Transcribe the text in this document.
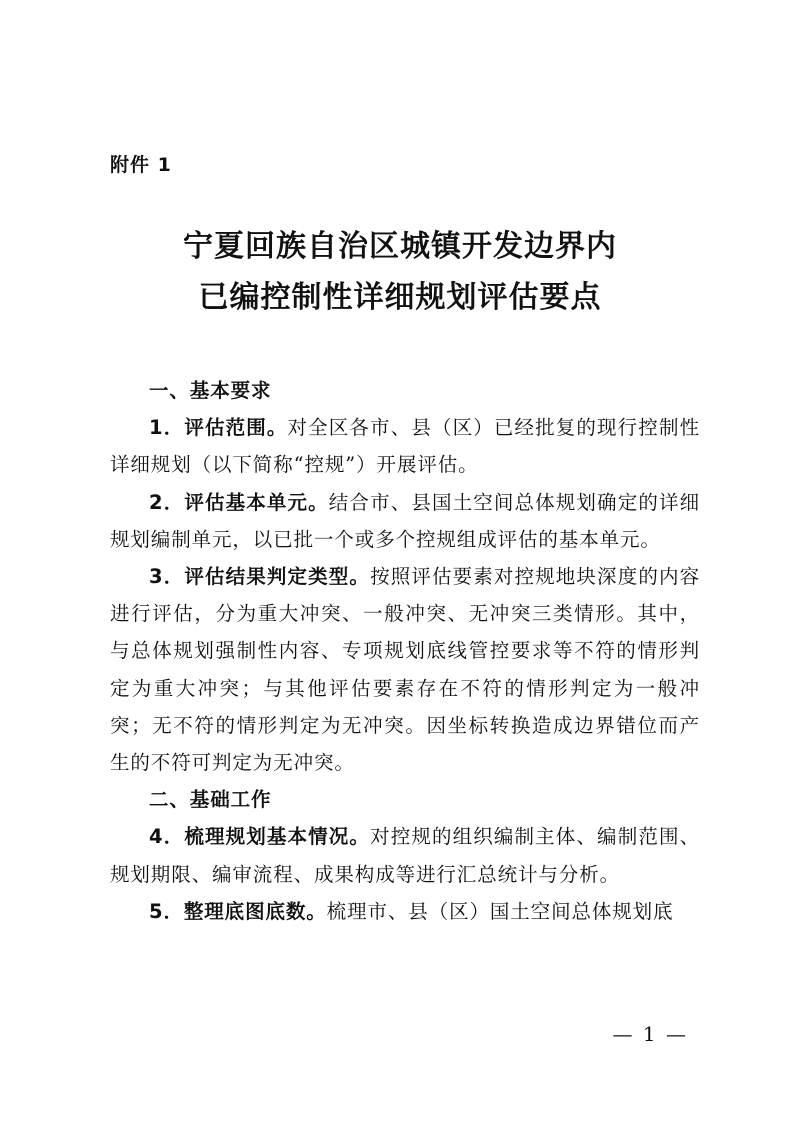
附件 1
宁夏回族自治区城镇开发边界内
已编控制性详细规划评估要点

一、基本要求

1．评估范围。对全区各市、县（区）已经批复的现行控制性详细规划（以下简称“控规”）开展评估。

2．评估基本单元。结合市、县国土空间总体规划确定的详细规划编制单元，以已批一个或多个控规组成评估的基本单元。

3．评估结果判定类型。按照评估要素对控规地块深度的内容进行评估，分为重大冲突、一般冲突、无冲突三类情形。其中，与总体规划强制性内容、专项规划底线管控要求等不符的情形判定为重大冲突；与其他评估要素存在不符的情形判定为一般冲突；无不符的情形判定为无冲突。因坐标转换造成边界错位而产生的不符可判定为无冲突。

二、基础工作

4．梳理规划基本情况。对控规的组织编制主体、编制范围、规划期限、编审流程、成果构成等进行汇总统计与分析。

5．整理底图底数。梳理市、县（区）国土空间总体规划底

— 1 —
